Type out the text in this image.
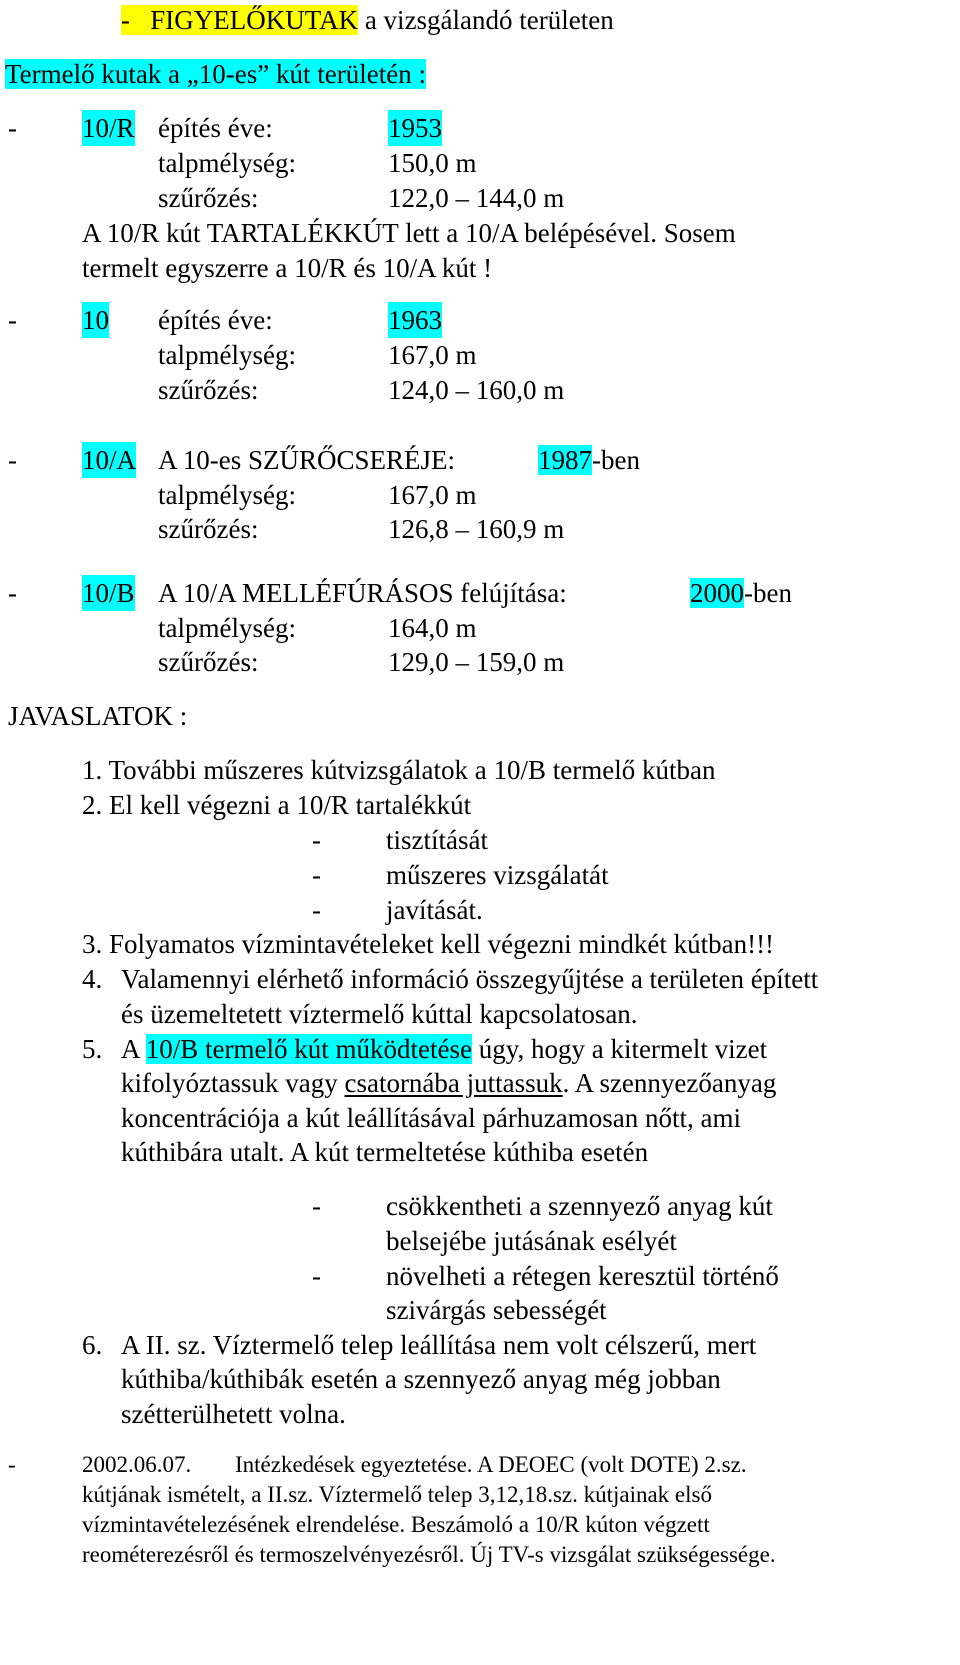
- FIGYELŐKUTAK a vizsgálandó területen
Termelő kutak a „10-es” kút területén :
- 10/R építés éve:	1953
talpmélység:	150,0 m
szűrőzés:	122,0 – 144,0 m
A 10/R kút TARTALÉKKÚT lett a 10/A belépésével. Sosem
termelt egyszerre a 10/R és 10/A kút !
- 10 építés éve:	1963
talpmélység:	167,0 m
szűrőzés:	124,0 – 160,0 m
- 10/A A 10-es SZŰRŐCSERÉJE:	1987-ben
talpmélység:	167,0 m
szűrőzés:	126,8 – 160,9 m
- 10/B A 10/A MELLÉFÚRÁSOS felújítása:	2000-ben
talpmélység:	164,0 m
szűrőzés:	129,0 – 159,0 m
JAVASLATOK :
1. További műszeres kútvizsgálatok a 10/B termelő kútban
2. El kell végezni a 10/R tartalékkút
- tisztítását
- műszeres vizsgálatát
- javítását.
3. Folyamatos vízmintavételeket kell végezni mindkét kútban!!!
4. Valamennyi elérhető információ összegyűjtése a területen épített
és üzemeltetett víztermelő kúttal kapcsolatosan.
5. A 10/B termelő kút működtetése úgy, hogy a kitermelt vizet
kifolyóztassuk vagy csatornába juttassuk. A szennyezőanyag
koncentrációja a kút leállításával párhuzamosan nőtt, ami
kúthibára utalt. A kút termeltetése kúthiba esetén
- csökkentheti a szennyező anyag kút
belsejébe jutásának esélyét
- növelheti a rétegen keresztül történő
szivárgás sebességét
6. A II. sz. Víztermelő telep leállítása nem volt célszerű, mert
kúthiba/kúthibák esetén a szennyező anyag még jobban
szétterülhetett volna.
-	2002.06.07. Intézkedések egyeztetése. A DEOEC (volt DOTE) 2.sz.
kútjának ismételt, a II.sz. Víztermelő telep 3,12,18.sz. kútjainak első
vízmintavételezésének elrendelése. Beszámoló a 10/R kúton végzett
reométerezésről és termoszelvényezésről. Új TV-s vizsgálat szükségessége.
